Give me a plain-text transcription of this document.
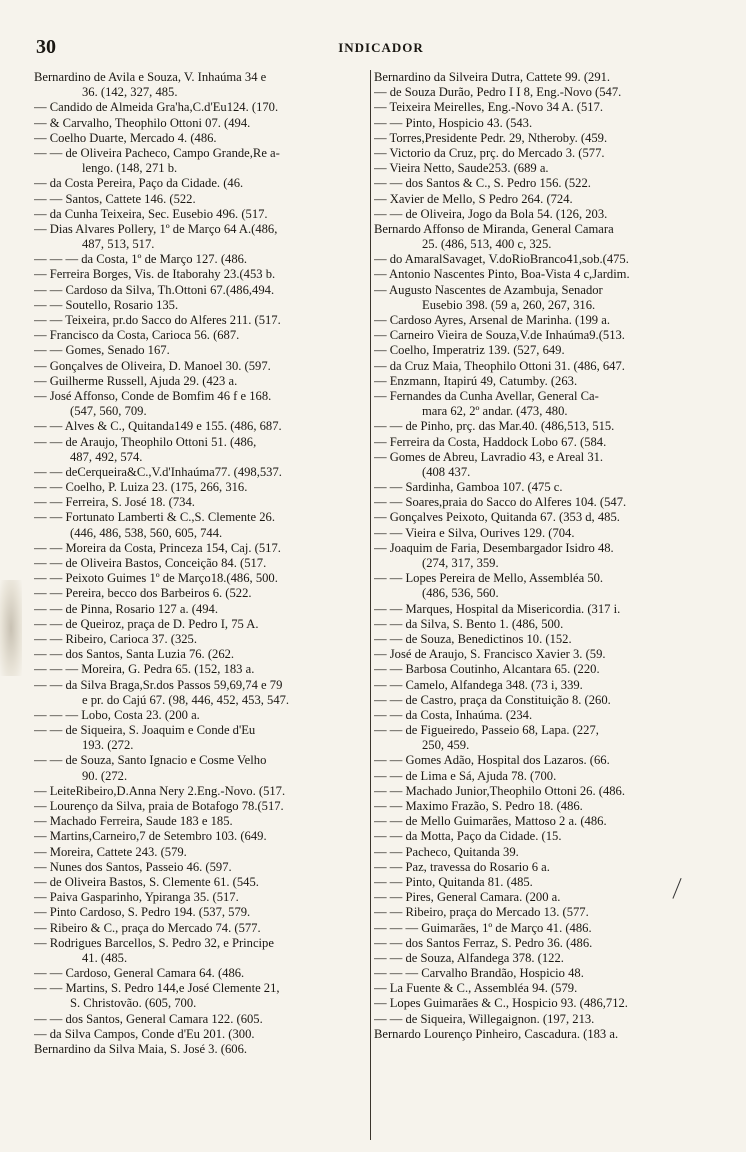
30	INDICADOR
Bernardino de Avila e Souza, V. Inhaúma 34 e
36. (142, 327, 485.
— Candido de Almeida Gra'ha,C.d'Eu124. (170.
— & Carvalho, Theophilo Ottoni 07. (494.
— Coelho Duarte, Mercado 4. (486.
— — de Oliveira Pacheco, Campo Grande,Re a-
lengo. (148, 271 b.
— da Costa Pereira, Paço da Cidade. (46.
— — Santos, Cattete 146. (522.
— da Cunha Teixeira, Sec. Eusebio 496. (517.
— Dias Alvares Pollery, 1º de Março 64 A.(486,
487, 513, 517.
— — — da Costa, 1º de Março 127. (486.
— Ferreira Borges, Vis. de Itaborahy 23.(453 b.
— — Cardoso da Silva, Th.Ottoni 67.(486,494.
— — Soutello, Rosario 135.
— — Teixeira, pr.do Sacco do Alferes 211. (517.
— Francisco da Costa, Carioca 56. (687.
— — Gomes, Senado 167.
— Gonçalves de Oliveira, D. Manoel 30. (597.
— Guilherme Russell, Ajuda 29. (423 a.
— José Affonso, Conde de Bomfim 46 f e 168.
(547, 560, 709.
— — Alves & C., Quitanda149 e 155. (486, 687.
— — de Araujo, Theophilo Ottoni 51. (486,
487, 492, 574.
— — deCerqueira&C.,V.d'Inhaúma77. (498,537.
— — Coelho, P. Luiza 23. (175, 266, 316.
— — Ferreira, S. José 18. (734.
— — Fortunato Lamberti & C.,S. Clemente 26.
(446, 486, 538, 560, 605, 744.
— — Moreira da Costa, Princeza 154, Caj. (517.
— — de Oliveira Bastos, Conceição 84. (517.
— — Peixoto Guimes 1º de Março18.(486, 500.
— — Pereira, becco dos Barbeiros 6. (522.
— — de Pinna, Rosario 127 a. (494.
— — de Queiroz, praça de D. Pedro I, 75 A.
— — Ribeiro, Carioca 37. (325.
— — dos Santos, Santa Luzia 76. (262.
— — — Moreira, G. Pedra 65. (152, 183 a.
— — da Silva Braga,Sr.dos Passos 59,69,74 e 79
e pr. do Cajú 67. (98, 446, 452, 453, 547.
— — — Lobo, Costa 23. (200 a.
— — de Siqueira, S. Joaquim e Conde d'Eu
193. (272.
— — de Souza, Santo Ignacio e Cosme Velho
90. (272.
— LeiteRibeiro,D.Anna Nery 2.Eng.-Novo. (517.
— Lourenço da Silva, praia de Botafogo 78.(517.
— Machado Ferreira, Saude 183 e 185.
— Martins,Carneiro,7 de Setembro 103. (649.
— Moreira, Cattete 243. (579.
— Nunes dos Santos, Passeio 46. (597.
— de Oliveira Bastos, S. Clemente 61. (545.
— Paiva Gasparinho, Ypiranga 35. (517.
— Pinto Cardoso, S. Pedro 194. (537, 579.
— Ribeiro & C., praça do Mercado 74. (577.
— Rodrigues Barcellos, S. Pedro 32, e Principe
41. (485.
— — Cardoso, General Camara 64. (486.
— — Martins, S. Pedro 144,e José Clemente 21,
S. Christovão. (605, 700.
— — dos Santos, General Camara 122. (605.
— da Silva Campos, Conde d'Eu 201. (300.
Bernardino da Silva Maia, S. José 3. (606.
Bernardino da Silveira Dutra, Cattete 99. (291.
— de Souza Durão, Pedro I I 8, Eng.-Novo (547.
— Teixeira Meirelles, Eng.-Novo 34 A. (517.
— — Pinto, Hospicio 43. (543.
— Torres,Presidente Pedr. 29, Ntheroby. (459.
— Victorio da Cruz, prç. do Mercado 3. (577.
— Vieira Netto, Saude253. (689 a.
— — dos Santos & C., S. Pedro 156. (522.
— Xavier de Mello, S Pedro 264. (724.
— — de Oliveira, Jogo da Bola 54. (126, 203.
Bernardo Affonso de Miranda, General Camara
25. (486, 513, 400 c, 325.
— do AmaralSavaget, V.doRioBranco41,sob.(475.
— Antonio Nascentes Pinto, Boa-Vista 4 c,Jardim.
— Augusto Nascentes de Azambuja, Senador
Eusebio 398. (59 a, 260, 267, 316.
— Cardoso Ayres, Arsenal de Marinha. (199 a.
— Carneiro Vieira de Souza,V.de Inhaúma9.(513.
— Coelho, Imperatriz 139. (527, 649.
— da Cruz Maia, Theophilo Ottoni 31. (486, 647.
— Enzmann, Itapirú 49, Catumby. (263.
— Fernandes da Cunha Avellar, General Ca-
mara 62, 2º andar. (473, 480.
— — de Pinho, prç. das Mar.40. (486,513, 515.
— Ferreira da Costa, Haddock Lobo 67. (584.
— Gomes de Abreu, Lavradio 43, e Areal 31.
(408 437.
— — Sardinha, Gamboa 107. (475 c.
— — Soares,praia do Sacco do Alferes 104. (547.
— Gonçalves Peixoto, Quitanda 67. (353 d, 485.
— — Vieira e Silva, Ourives 129. (704.
— Joaquim de Faria, Desembargador Isidro 48.
(274, 317, 359.
— — Lopes Pereira de Mello, Assembléa 50.
(486, 536, 560.
— — Marques, Hospital da Misericordia. (317 i.
— — da Silva, S. Bento 1. (486, 500.
— — de Souza, Benedictinos 10. (152.
— José de Araujo, S. Francisco Xavier 3. (59.
— — Barbosa Coutinho, Alcantara 65. (220.
— — Camelo, Alfandega 348. (73 i, 339.
— — de Castro, praça da Constituição 8. (260.
— — da Costa, Inhaúma. (234.
— — de Figueiredo, Passeio 68, Lapa. (227,
250, 459.
— — Gomes Adão, Hospital dos Lazaros. (66.
— — de Lima e Sá, Ajuda 78. (700.
— — Machado Junior,Theophilo Ottoni 26. (486.
— — Maximo Frazão, S. Pedro 18. (486.
— — de Mello Guimarães, Mattoso 2 a. (486.
— — da Motta, Paço da Cidade. (15.
— — Pacheco, Quitanda 39.
— — Paz, travessa do Rosario 6 a.
— — Pinto, Quitanda 81. (485.
— — Pires, General Camara. (200 a.
— — Ribeiro, praça do Mercado 13. (577.
— — — Guimarães, 1º de Março 41. (486.
— — dos Santos Ferraz, S. Pedro 36. (486.
— — de Souza, Alfandega 378. (122.
— — — Carvalho Brandão, Hospicio 48.
— La Fuente & C., Assembléa 94. (579.
— Lopes Guimarães & C., Hospicio 93. (486,712.
— — de Siqueira, Willegaignon. (197, 213.
Bernardo Lourenço Pinheiro, Cascadura. (183 a.
